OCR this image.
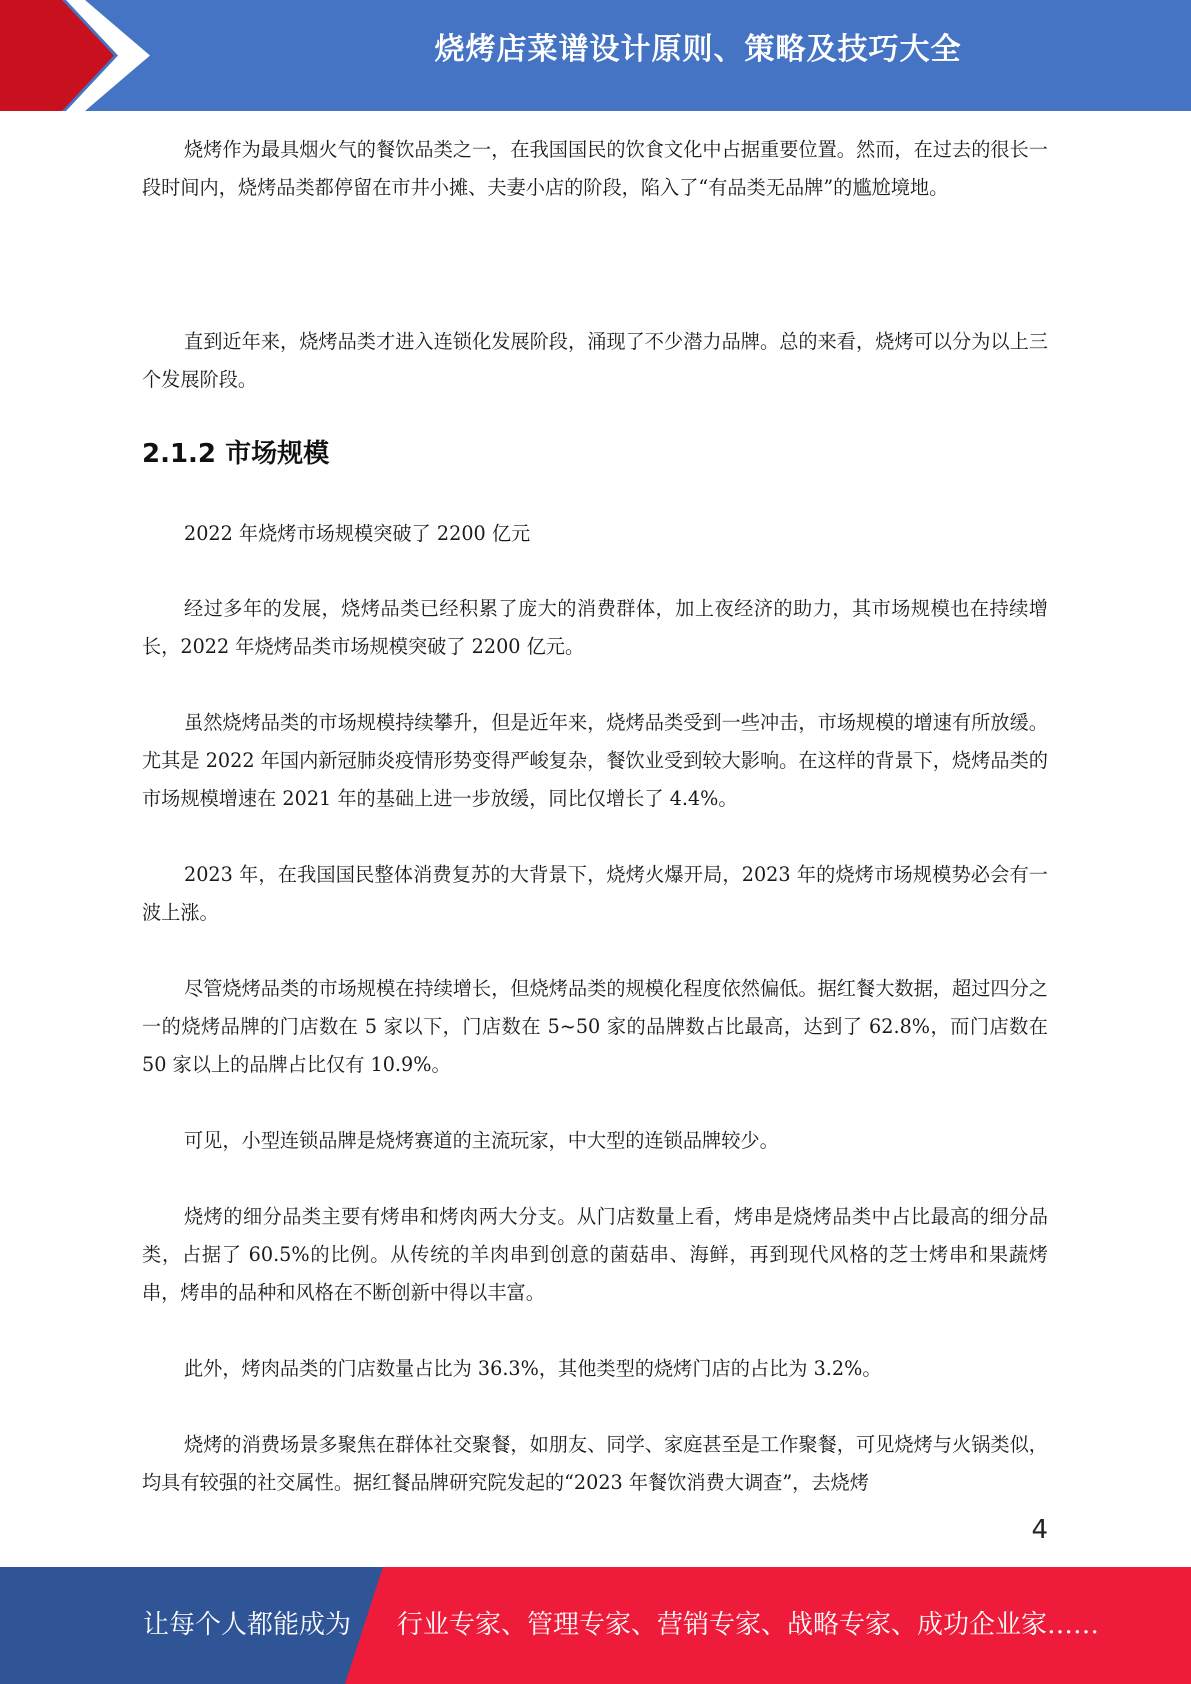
烧烤店菜谱设计原则、策略及技巧大全

烧烤作为最具烟火气的餐饮品类之一，在我国国民的饮食文化中占据重要位置。然而，在过去的很长一段时间内，烧烤品类都停留在市井小摊、夫妻小店的阶段，陷入了“有品类无品牌”的尴尬境地。

直到近年来，烧烤品类才进入连锁化发展阶段，涌现了不少潜力品牌。总的来看，烧烤可以分为以上三个发展阶段。

2.1.2 市场规模

2022 年烧烤市场规模突破了 2200 亿元

经过多年的发展，烧烤品类已经积累了庞大的消费群体，加上夜经济的助力，其市场规模也在持续增长，2022 年烧烤品类市场规模突破了 2200 亿元。

虽然烧烤品类的市场规模持续攀升，但是近年来，烧烤品类受到一些冲击，市场规模的增速有所放缓。尤其是 2022 年国内新冠肺炎疫情形势变得严峻复杂，餐饮业受到较大影响。在这样的背景下，烧烤品类的市场规模增速在 2021 年的基础上进一步放缓，同比仅增长了 4.4%。

2023 年，在我国国民整体消费复苏的大背景下，烧烤火爆开局，2023 年的烧烤市场规模势必会有一波上涨。

尽管烧烤品类的市场规模在持续增长，但烧烤品类的规模化程度依然偏低。据红餐大数据，超过四分之一的烧烤品牌的门店数在 5 家以下，门店数在 5~50 家的品牌数占比最高，达到了 62.8%，而门店数在 50 家以上的品牌占比仅有 10.9%。

可见，小型连锁品牌是烧烤赛道的主流玩家，中大型的连锁品牌较少。

烧烤的细分品类主要有烤串和烤肉两大分支。从门店数量上看，烤串是烧烤品类中占比最高的细分品类，占据了 60.5%的比例。从传统的羊肉串到创意的菌菇串、海鲜，再到现代风格的芝士烤串和果蔬烤串，烤串的品种和风格在不断创新中得以丰富。

此外，烤肉品类的门店数量占比为 36.3%，其他类型的烧烤门店的占比为 3.2%。

烧烤的消费场景多聚焦在群体社交聚餐，如朋友、同学、家庭甚至是工作聚餐，可见烧烤与火锅类似，均具有较强的社交属性。据红餐品牌研究院发起的“2023 年餐饮消费大调查”，去烧烤

4
让每个人都能成为 行业专家、管理专家、营销专家、战略专家、成功企业家……
